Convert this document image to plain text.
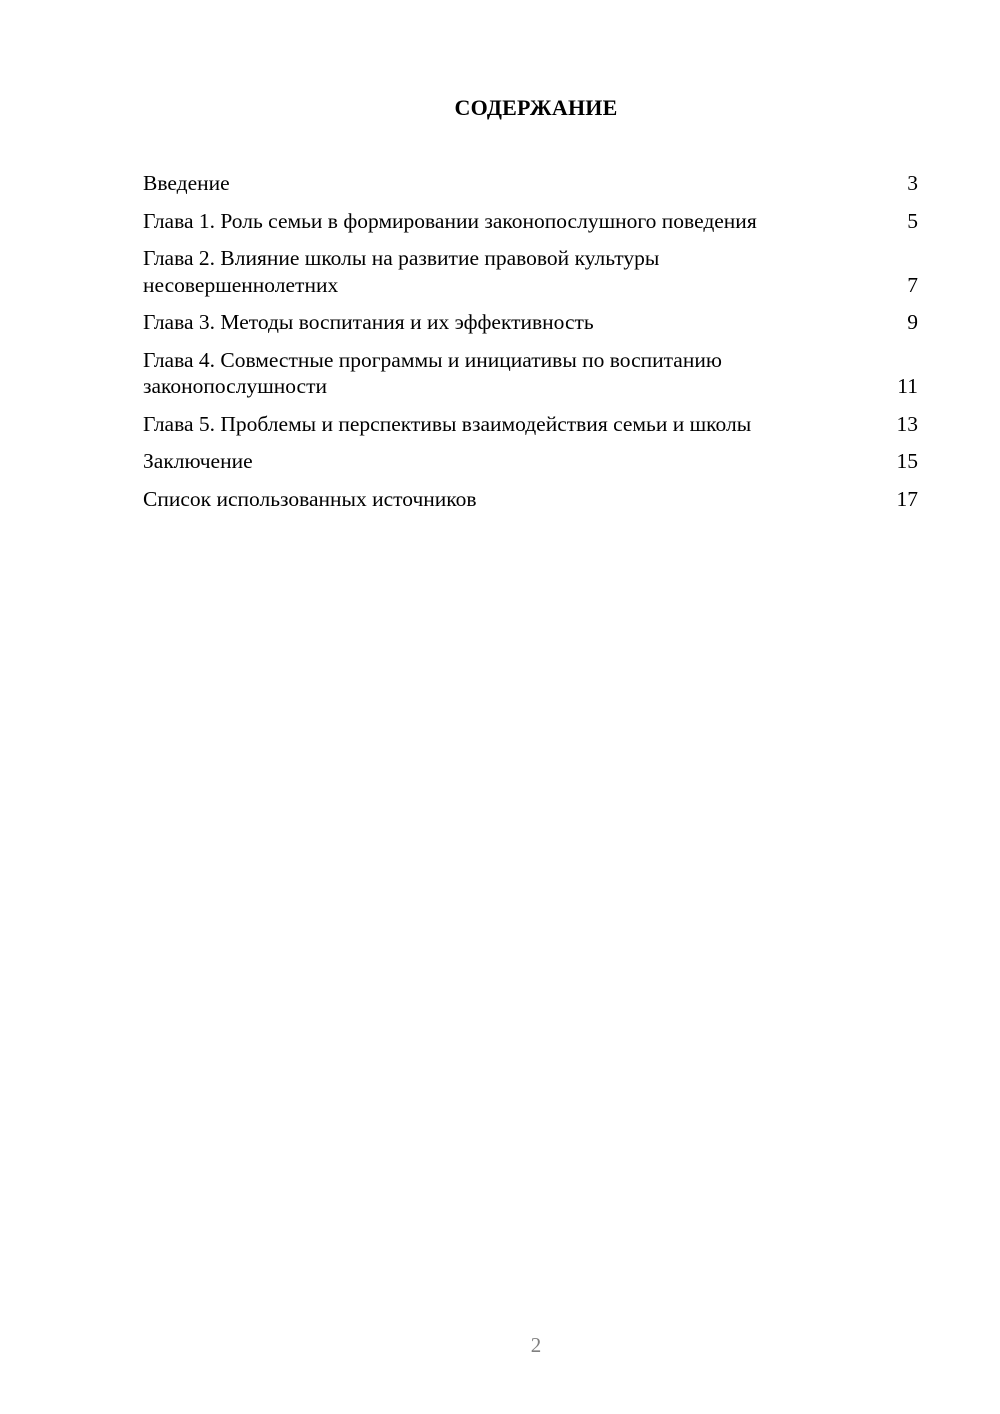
СОДЕРЖАНИЕ
Введение	3
Глава 1. Роль семьи в формировании законопослушного поведения	5
Глава 2. Влияние школы на развитие правовой культуры несовершеннолетних	7
Глава 3. Методы воспитания и их эффективность	9
Глава 4. Совместные программы и инициативы по воспитанию законопослушности	11
Глава 5. Проблемы и перспективы взаимодействия семьи и школы	13
Заключение	15
Список использованных источников	17
2
